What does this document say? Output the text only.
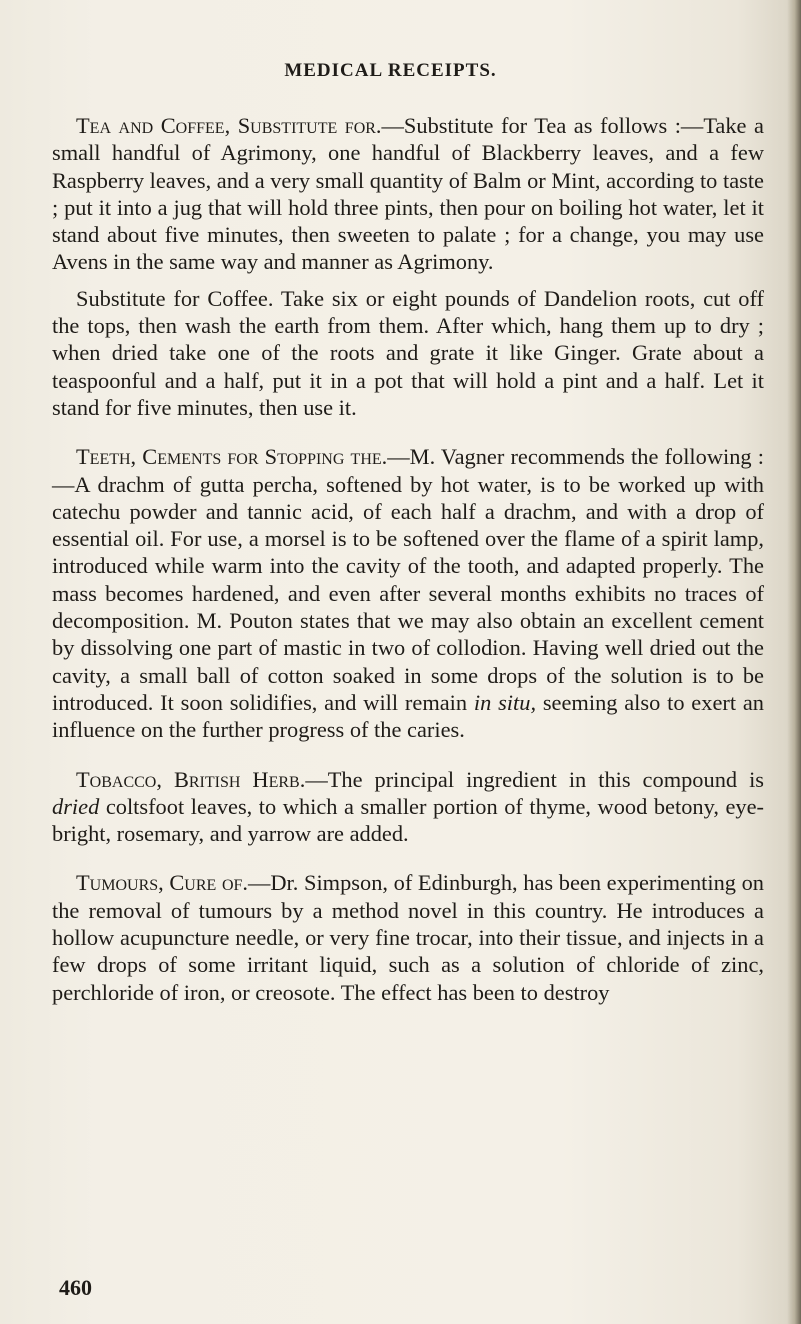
MEDICAL RECEIPTS.

Tea and Coffee, Substitute for.—Substitute for Tea as follows :—Take a small handful of Agrimony, one handful of Blackberry leaves, and a few Raspberry leaves, and a very small quantity of Balm or Mint, according to taste ; put it into a jug that will hold three pints, then pour on boiling hot water, let it stand about five minutes, then sweeten to palate ; for a change, you may use Avens in the same way and manner as Agrimony.

Substitute for Coffee. Take six or eight pounds of Dandelion roots, cut off the tops, then wash the earth from them. After which, hang them up to dry ; when dried take one of the roots and grate it like Ginger. Grate about a teaspoonful and a half, put it in a pot that will hold a pint and a half. Let it stand for five minutes, then use it.

Teeth, Cements for Stopping the.—M. Vagner recommends the following :—A drachm of gutta percha, softened by hot water, is to be worked up with catechu powder and tannic acid, of each half a drachm, and with a drop of essential oil. For use, a morsel is to be softened over the flame of a spirit lamp, introduced while warm into the cavity of the tooth, and adapted properly. The mass becomes hardened, and even after several months exhibits no traces of decomposition. M. Pouton states that we may also obtain an excellent cement by dissolving one part of mastic in two of collodion. Having well dried out the cavity, a small ball of cotton soaked in some drops of the solution is to be introduced. It soon solidifies, and will remain in situ, seeming also to exert an influence on the further progress of the caries.

Tobacco, British Herb.—The principal ingredient in this compound is dried coltsfoot leaves, to which a smaller portion of thyme, wood betony, eye-bright, rosemary, and yarrow are added.

Tumours, Cure of.—Dr. Simpson, of Edinburgh, has been experimenting on the removal of tumours by a method novel in this country. He introduces a hollow acupuncture needle, or very fine trocar, into their tissue, and injects in a few drops of some irritant liquid, such as a solution of chloride of zinc, perchloride of iron, or creosote. The effect has been to destroy

460
